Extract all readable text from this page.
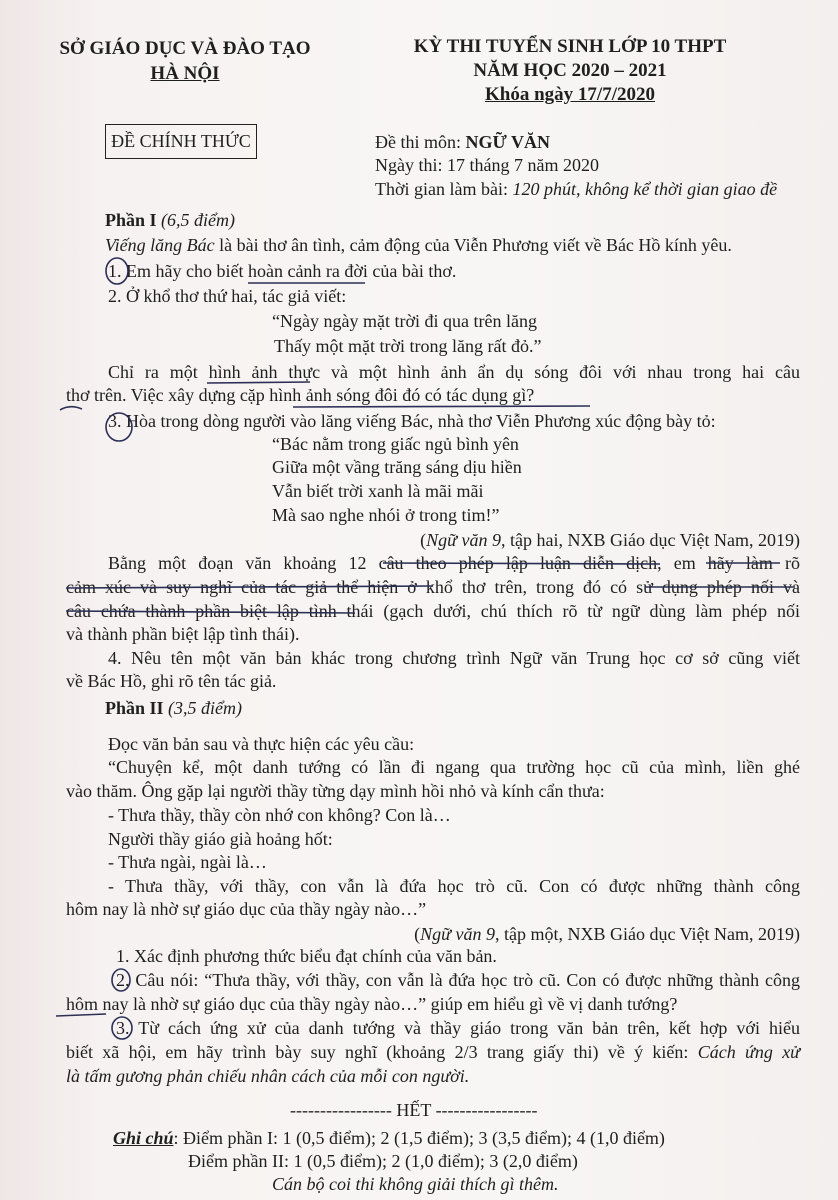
SỞ GIÁO DỤC VÀ ĐÀO TẠO
HÀ NỘI
KỲ THI TUYỂN SINH LỚP 10 THPT
NĂM HỌC 2020 – 2021
Khóa ngày 17/7/2020
ĐỀ CHÍNH THỨC	Đề thi môn: NGỮ VĂN
Ngày thi: 17 tháng 7 năm 2020
Thời gian làm bài: 120 phút, không kể thời gian giao đề
Phần I (6,5 điểm)
Viếng lăng Bác là bài thơ ân tình, cảm động của Viễn Phương viết về Bác Hồ kính yêu.
1. Em hãy cho biết hoàn cảnh ra đời của bài thơ.
2. Ở khổ thơ thứ hai, tác giả viết:
“Ngày ngày mặt trời đi qua trên lăng
Thấy một mặt trời trong lăng rất đỏ.”
Chỉ ra một hình ảnh thực và một hình ảnh ẩn dụ sóng đôi với nhau trong hai câu
thơ trên. Việc xây dựng cặp hình ảnh sóng đôi đó có tác dụng gì?
3. Hòa trong dòng người vào lăng viếng Bác, nhà thơ Viễn Phương xúc động bày tỏ:
“Bác nằm trong giấc ngủ bình yên
Giữa một vầng trăng sáng dịu hiền
Vẫn biết trời xanh là mãi mãi
Mà sao nghe nhói ở trong tim!”
(Ngữ văn 9, tập hai, NXB Giáo dục Việt Nam, 2019)
Bằng một đoạn văn khoảng 12 câu theo phép lập luận diễn dịch, em hãy làm rõ
cảm xúc và suy nghĩ của tác giả thể hiện ở khổ thơ trên, trong đó có sử dụng phép nối và
câu chứa thành phần biệt lập tình thái (gạch dưới, chú thích rõ từ ngữ dùng làm phép nối
và thành phần biệt lập tình thái).
4. Nêu tên một văn bản khác trong chương trình Ngữ văn Trung học cơ sở cũng viết
về Bác Hồ, ghi rõ tên tác giả.
Phần II (3,5 điểm)
Đọc văn bản sau và thực hiện các yêu cầu:
“Chuyện kể, một danh tướng có lần đi ngang qua trường học cũ của mình, liền ghé
vào thăm. Ông gặp lại người thầy từng dạy mình hồi nhỏ và kính cẩn thưa:
- Thưa thầy, thầy còn nhớ con không? Con là…
Người thầy giáo già hoảng hốt:
- Thưa ngài, ngài là…
- Thưa thầy, với thầy, con vẫn là đứa học trò cũ. Con có được những thành công
hôm nay là nhờ sự giáo dục của thầy ngày nào…”
(Ngữ văn 9, tập một, NXB Giáo dục Việt Nam, 2019)
1. Xác định phương thức biểu đạt chính của văn bản.
2. Câu nói: “Thưa thầy, với thầy, con vẫn là đứa học trò cũ. Con có được những thành công
hôm nay là nhờ sự giáo dục của thầy ngày nào…” giúp em hiểu gì về vị danh tướng?
3. Từ cách ứng xử của danh tướng và thầy giáo trong văn bản trên, kết hợp với hiểu
biết xã hội, em hãy trình bày suy nghĩ (khoảng 2/3 trang giấy thi) về ý kiến: Cách ứng xử
là tấm gương phản chiếu nhân cách của mỗi con người.
----------------- HẾT -----------------
Ghi chú: Điểm phần I: 1 (0,5 điểm); 2 (1,5 điểm); 3 (3,5 điểm); 4 (1,0 điểm)
Điểm phần II: 1 (0,5 điểm); 2 (1,0 điểm); 3 (2,0 điểm)
Cán bộ coi thi không giải thích gì thêm.
